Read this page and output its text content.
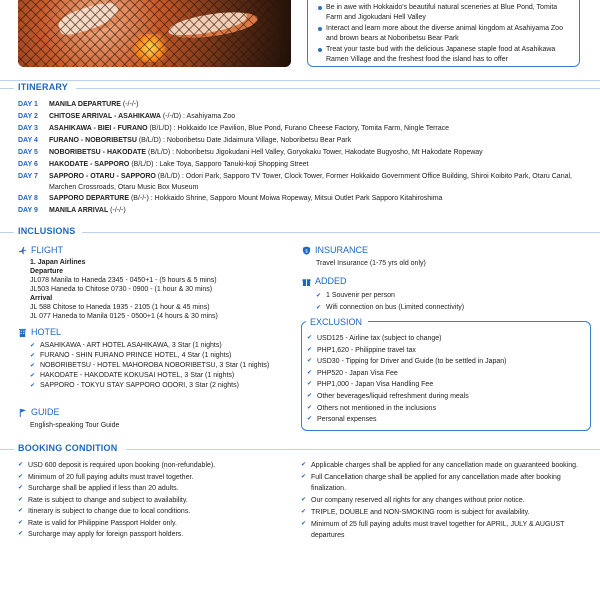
Be in awe with Hokkaido's beautiful natural sceneries at Blue Pond, Tomita Farm and Jigokudani Hell Valley
Interact and learn more about the diverse animal kingdom at Asahiyama Zoo and brown bears at Noboribetsu Bear Park
Treat your taste bud with the delicious Japanese staple food at Asahikawa Ramen Village and the freshest food the island has to offer
ITINERARY
DAY 1	MANILA DEPARTURE (-/-/-)
DAY 2	CHITOSE ARRIVAL - ASAHIKAWA (-/-/D) : Asahiyama Zoo
DAY 3	ASAHIKAWA - BIEI - FURANO (B/L/D) : Hokkaido Ice Pavilion, Blue Pond, Furano Cheese Factory, Tomita Farm, Ningle Terrace
DAY 4	FURANO - NOBORIBETSU (B/L/D) : Noboribetsu Date Jidaimura Village, Noboribetsu Bear Park
DAY 5	NOBORIBETSU - HAKODATE (B/L/D) : Noboribetsu Jigokudani Hell Valley, Goryokaku Tower, Hakodate Bugyosho, Mt Hakodate Ropeway
DAY 6	HAKODATE - SAPPORO (B/L/D) : Lake Toya, Sapporo Tanuki-koji Shopping Street
DAY 7	SAPPORO - OTARU - SAPPORO (B/L/D) : Odori Park, Sapporo TV Tower, Clock Tower, Former Hokkaido Government Office Building, Shiroi Koibito Park, Otaru Canal, Marchen Crossroads, Otaru Music Box Museum
DAY 8	SAPPORO DEPARTURE (B/-/-) : Hokkaido Shrine, Sapporo Mount Moiwa Ropeway, Mitsui Outlet Park Sapporo Kitahiroshima
DAY 9	MANILA ARRIVAL (-/-/-)
INCLUSIONS
FLIGHT
1. Japan Airlines
Departure
JL078 Manila to Haneda 2345 - 0450+1 - (5 hours & 5 mins)
JL503 Haneda to Chitose 0730 - 0900 - (1 hour & 30 mins)
Arrival
JL 588 Chitose to Haneda 1935 - 2105 (1 hour & 45 mins)
JL 077 Haneda to Manila 0125 - 0500+1 (4 hours & 30 mins)
HOTEL
✔ ASAHIKAWA - ART HOTEL ASAHIKAWA, 3 Star (1 nights)
✔ FURANO - SHIN FURANO PRINCE HOTEL, 4 Star (1 nights)
✔ NOBORIBETSU - HOTEL MAHOROBA NOBORIBETSU, 3 Star (1 nights)
✔ HAKODATE - HAKODATE KOKUSAI HOTEL, 3 Star (1 nights)
✔ SAPPORO - TOKYU STAY SAPPORO ODORI, 3 Star (2 nights)
GUIDE
English-speaking Tour Guide
$ INSURANCE
Travel Insurance (1-75 yrs old only)
ADDED
✔ 1 Souvenir per person
✔ Wifi connection on bus (Limited connectivity)
EXCLUSION
✔ USD125 - Airline tax (subject to change)
✔ PHP1,620 - Philippine travel tax
✔ USD30 - Tipping for Driver and Guide (to be settled in Japan)
✔ PHP520 - Japan Visa Fee
✔ PHP1,000 - Japan Visa Handling Fee
✔ Other beverages/liquid refreshment during meals
✔ Others not mentioned in the inclusions
✔ Personal expenses
BOOKING CONDITION
✔ USD 600 deposit is required upon booking (non-refundable).
✔ Minimum of 20 full paying adults must travel together.
✔ Surcharge shall be applied if less than 20 adults.
✔ Rate is subject to change and subject to availability.
✔ Itinerary is subject to change due to local conditions.
✔ Rate is valid for Philippine Passport Holder only.
✔ Surcharge may apply for foreign passport holders.
✔ Applicable charges shall be applied for any cancellation made on guaranteed booking.
✔ Full Cancellation charge shall be applied for any cancellation made after booking finalization.
✔ Our company reserved all rights for any changes without prior notice.
✔ TRIPLE, DOUBLE and NON-SMOKING room is subject for availability.
✔ Minimum of 25 full paying adults must travel together for APRIL, JULY & AUGUST departures
